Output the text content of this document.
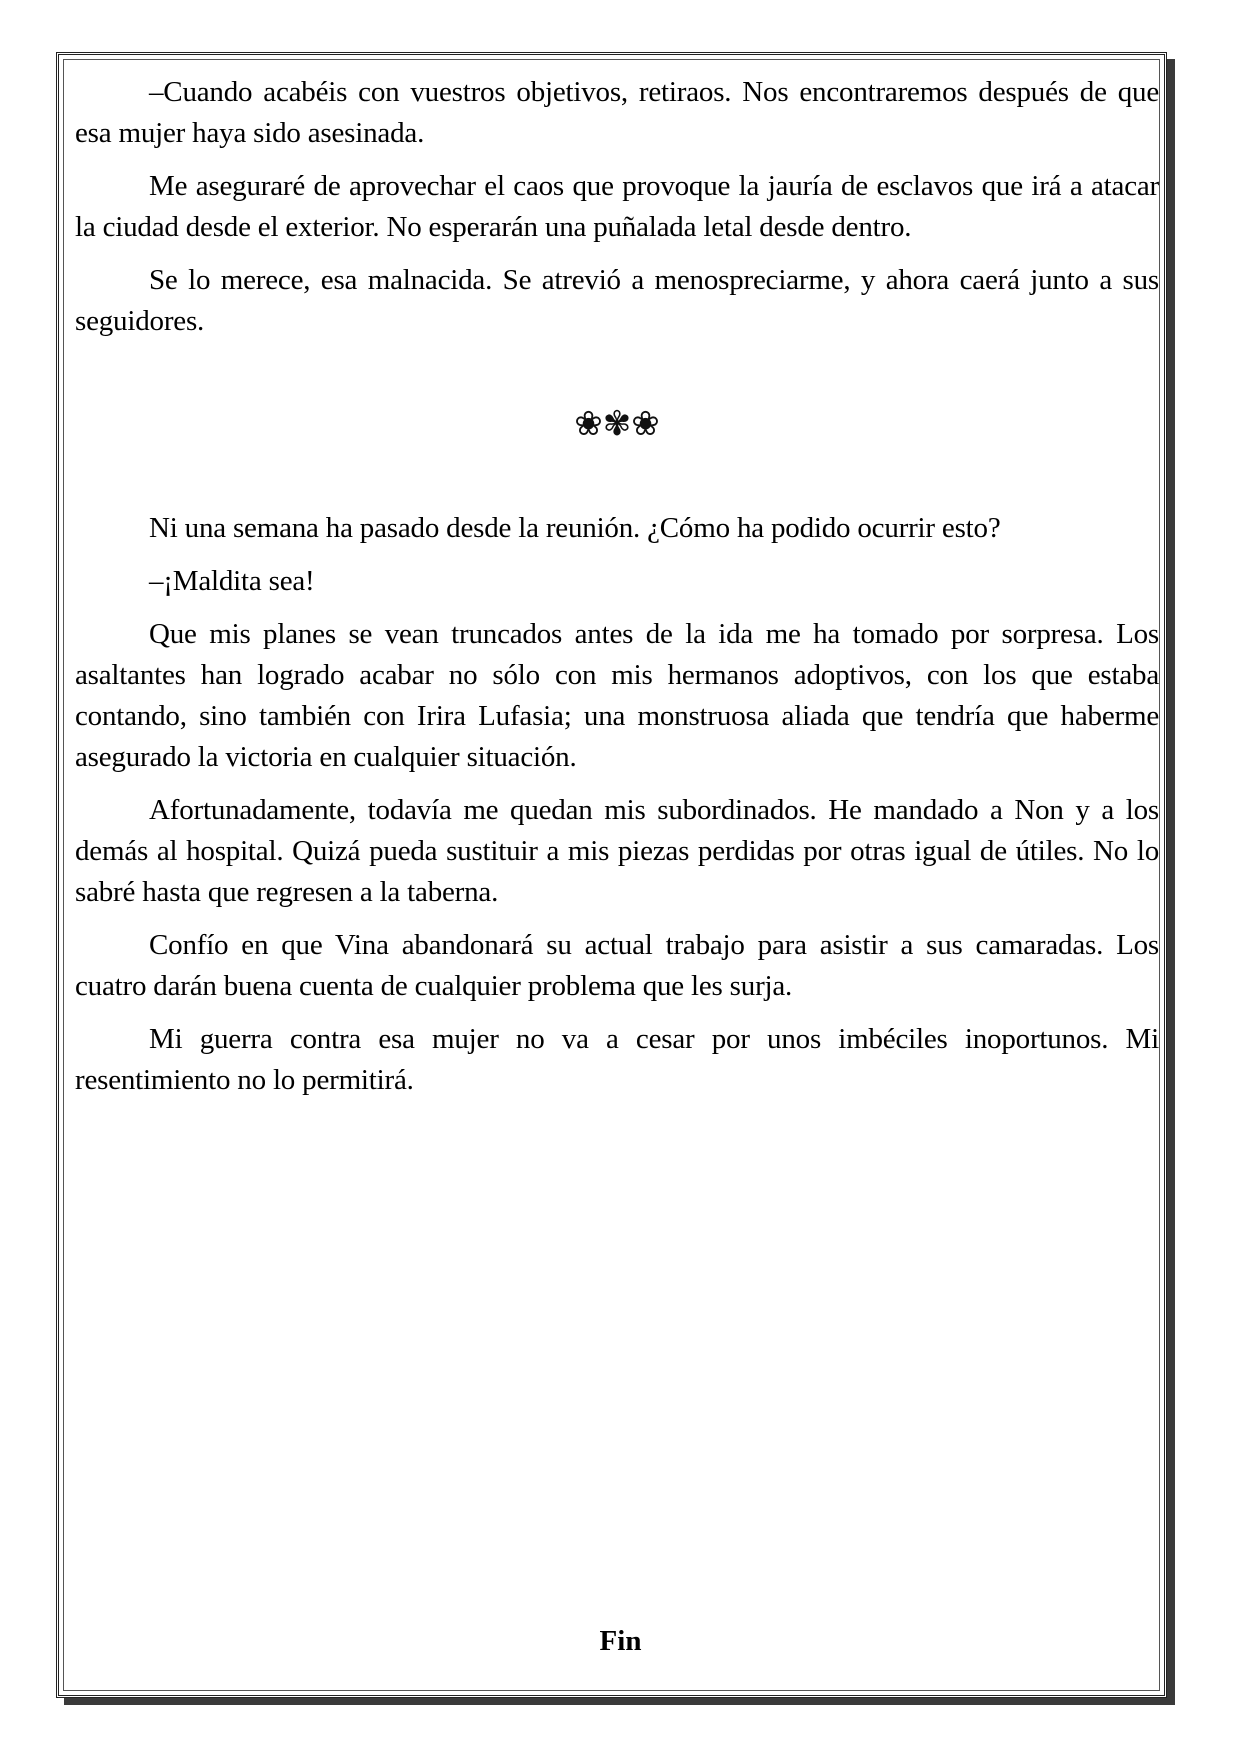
–Cuando acabéis con vuestros objetivos, retiraos. Nos encontraremos después de que esa mujer haya sido asesinada.

Me aseguraré de aprovechar el caos que provoque la jauría de esclavos que irá a atacar la ciudad desde el exterior. No esperarán una puñalada letal desde dentro.

Se lo merece, esa malnacida. Se atrevió a menospreciarme, y ahora caerá junto a sus seguidores.

❀✾❀

Ni una semana ha pasado desde la reunión. ¿Cómo ha podido ocurrir esto?

–¡Maldita sea!

Que mis planes se vean truncados antes de la ida me ha tomado por sorpresa. Los asaltantes han logrado acabar no sólo con mis hermanos adoptivos, con los que estaba contando, sino también con Irira Lufasia; una monstruosa aliada que tendría que haberme asegurado la victoria en cualquier situación.

Afortunadamente, todavía me quedan mis subordinados. He mandado a Non y a los demás al hospital. Quizá pueda sustituir a mis piezas perdidas por otras igual de útiles. No lo sabré hasta que regresen a la taberna.

Confío en que Vina abandonará su actual trabajo para asistir a sus camaradas. Los cuatro darán buena cuenta de cualquier problema que les surja.

Mi guerra contra esa mujer no va a cesar por unos imbéciles inoportunos. Mi resentimiento no lo permitirá.

Fin
